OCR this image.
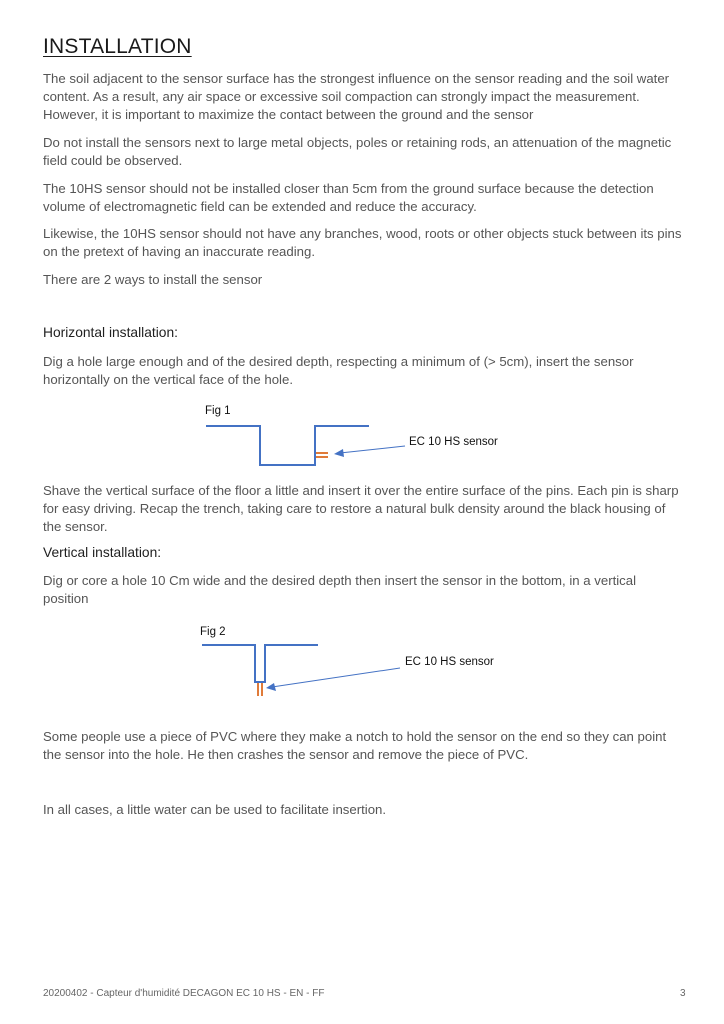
INSTALLATION
The soil adjacent to the sensor surface has the strongest influence on the sensor reading and the soil water content. As a result, any air space or excessive soil compaction can strongly impact the measurement. However, it is important to maximize the contact between the ground and the sensor
Do not install the sensors next to large metal objects, poles or retaining rods, an attenuation of the magnetic field could be observed.
The 10HS sensor should not be installed closer than 5cm from the ground surface because the detection volume of electromagnetic field can be extended and reduce the accuracy.
Likewise, the 10HS sensor should not have any branches, wood, roots or other objects stuck between its pins on the pretext of having an inaccurate reading.
There are 2 ways to install the sensor
Horizontal installation:
Dig a hole large enough and of the desired depth, respecting a minimum of (> 5cm), insert the sensor horizontally on the vertical face of the hole.
Fig 1
EC 10 HS sensor
Shave the vertical surface of the floor a little and insert it over the entire surface of the pins. Each pin is sharp for easy driving. Recap the trench, taking care to restore a natural bulk density around the black housing of the sensor.
Vertical installation:
Dig or core a hole 10 Cm wide and the desired depth then insert the sensor in the bottom, in a vertical position
Fig 2
EC 10 HS sensor
Some people use a piece of PVC where they make a notch to hold the sensor on the end so they can point the sensor into the hole. He then crashes the sensor and remove the piece of PVC.
In all cases, a little water can be used to facilitate insertion.
20200402 - Capteur d'humidité DECAGON EC 10 HS - EN - FF	3
